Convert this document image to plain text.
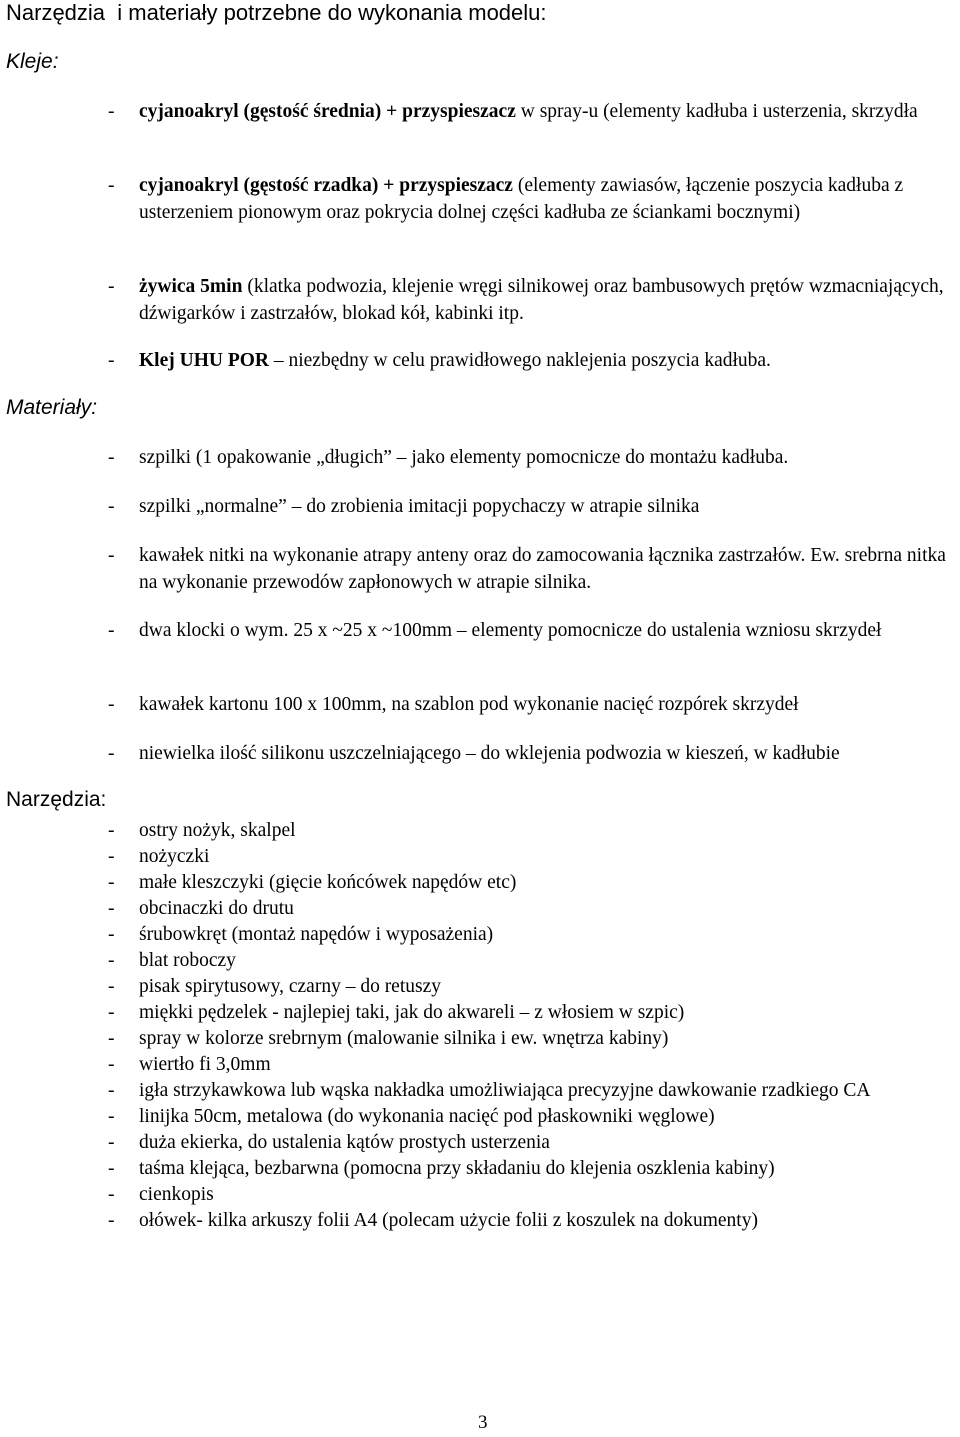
Narzędzia  i materiały potrzebne do wykonania modelu:
Kleje:
- cyjanoakryl (gęstość średnia) + przyspieszacz w spray-u (elementy kadłuba i usterzenia, skrzydła
- cyjanoakryl (gęstość rzadka) + przyspieszacz (elementy zawiasów, łączenie poszycia kadłuba z usterzeniem pionowym oraz pokrycia dolnej części kadłuba ze ściankami bocznymi)
- żywica 5min (klatka podwozia, klejenie wręgi silnikowej oraz bambusowych prętów wzmacniających, dźwigarków i zastrzałów, blokad kół, kabinki itp.
- Klej UHU POR – niezbędny w celu prawidłowego naklejenia poszycia kadłuba.
Materiały:
- szpilki (1 opakowanie „długich” – jako elementy pomocnicze do montażu kadłuba.
- szpilki „normalne” – do zrobienia imitacji popychaczy w atrapie silnika
- kawałek nitki na wykonanie atrapy anteny oraz do zamocowania łącznika zastrzałów. Ew. srebrna nitka na wykonanie przewodów zapłonowych w atrapie silnika.
- dwa klocki o wym. 25 x ~25 x ~100mm – elementy pomocnicze do ustalenia wzniosu skrzydeł
- kawałek kartonu 100 x 100mm, na szablon pod wykonanie nacięć rozpórek skrzydeł
- niewielka ilość silikonu uszczelniającego – do wklejenia podwozia w kieszeń, w kadłubie
Narzędzia:
- ostry nożyk, skalpel
- nożyczki
- małe kleszczyki (gięcie końcówek napędów etc)
- obcinaczki do drutu
- śrubowkręt (montaż napędów i wyposażenia)
- blat roboczy
- pisak spirytusowy, czarny – do retuszy
- miękki pędzelek - najlepiej taki, jak do akwareli – z włosiem w szpic)
- spray w kolorze srebrnym (malowanie silnika i ew. wnętrza kabiny)
- wiertło fi 3,0mm
- igła strzykawkowa lub wąska nakładka umożliwiająca precyzyjne dawkowanie rzadkiego CA
- linijka 50cm, metalowa (do wykonania nacięć pod płaskowniki węglowe)
- duża ekierka, do ustalenia kątów prostych usterzenia
- taśma klejąca, bezbarwna (pomocna przy składaniu do klejenia oszklenia kabiny)
- cienkopis
- ołówek- kilka arkuszy folii A4 (polecam użycie folii z koszulek na dokumenty)
3
